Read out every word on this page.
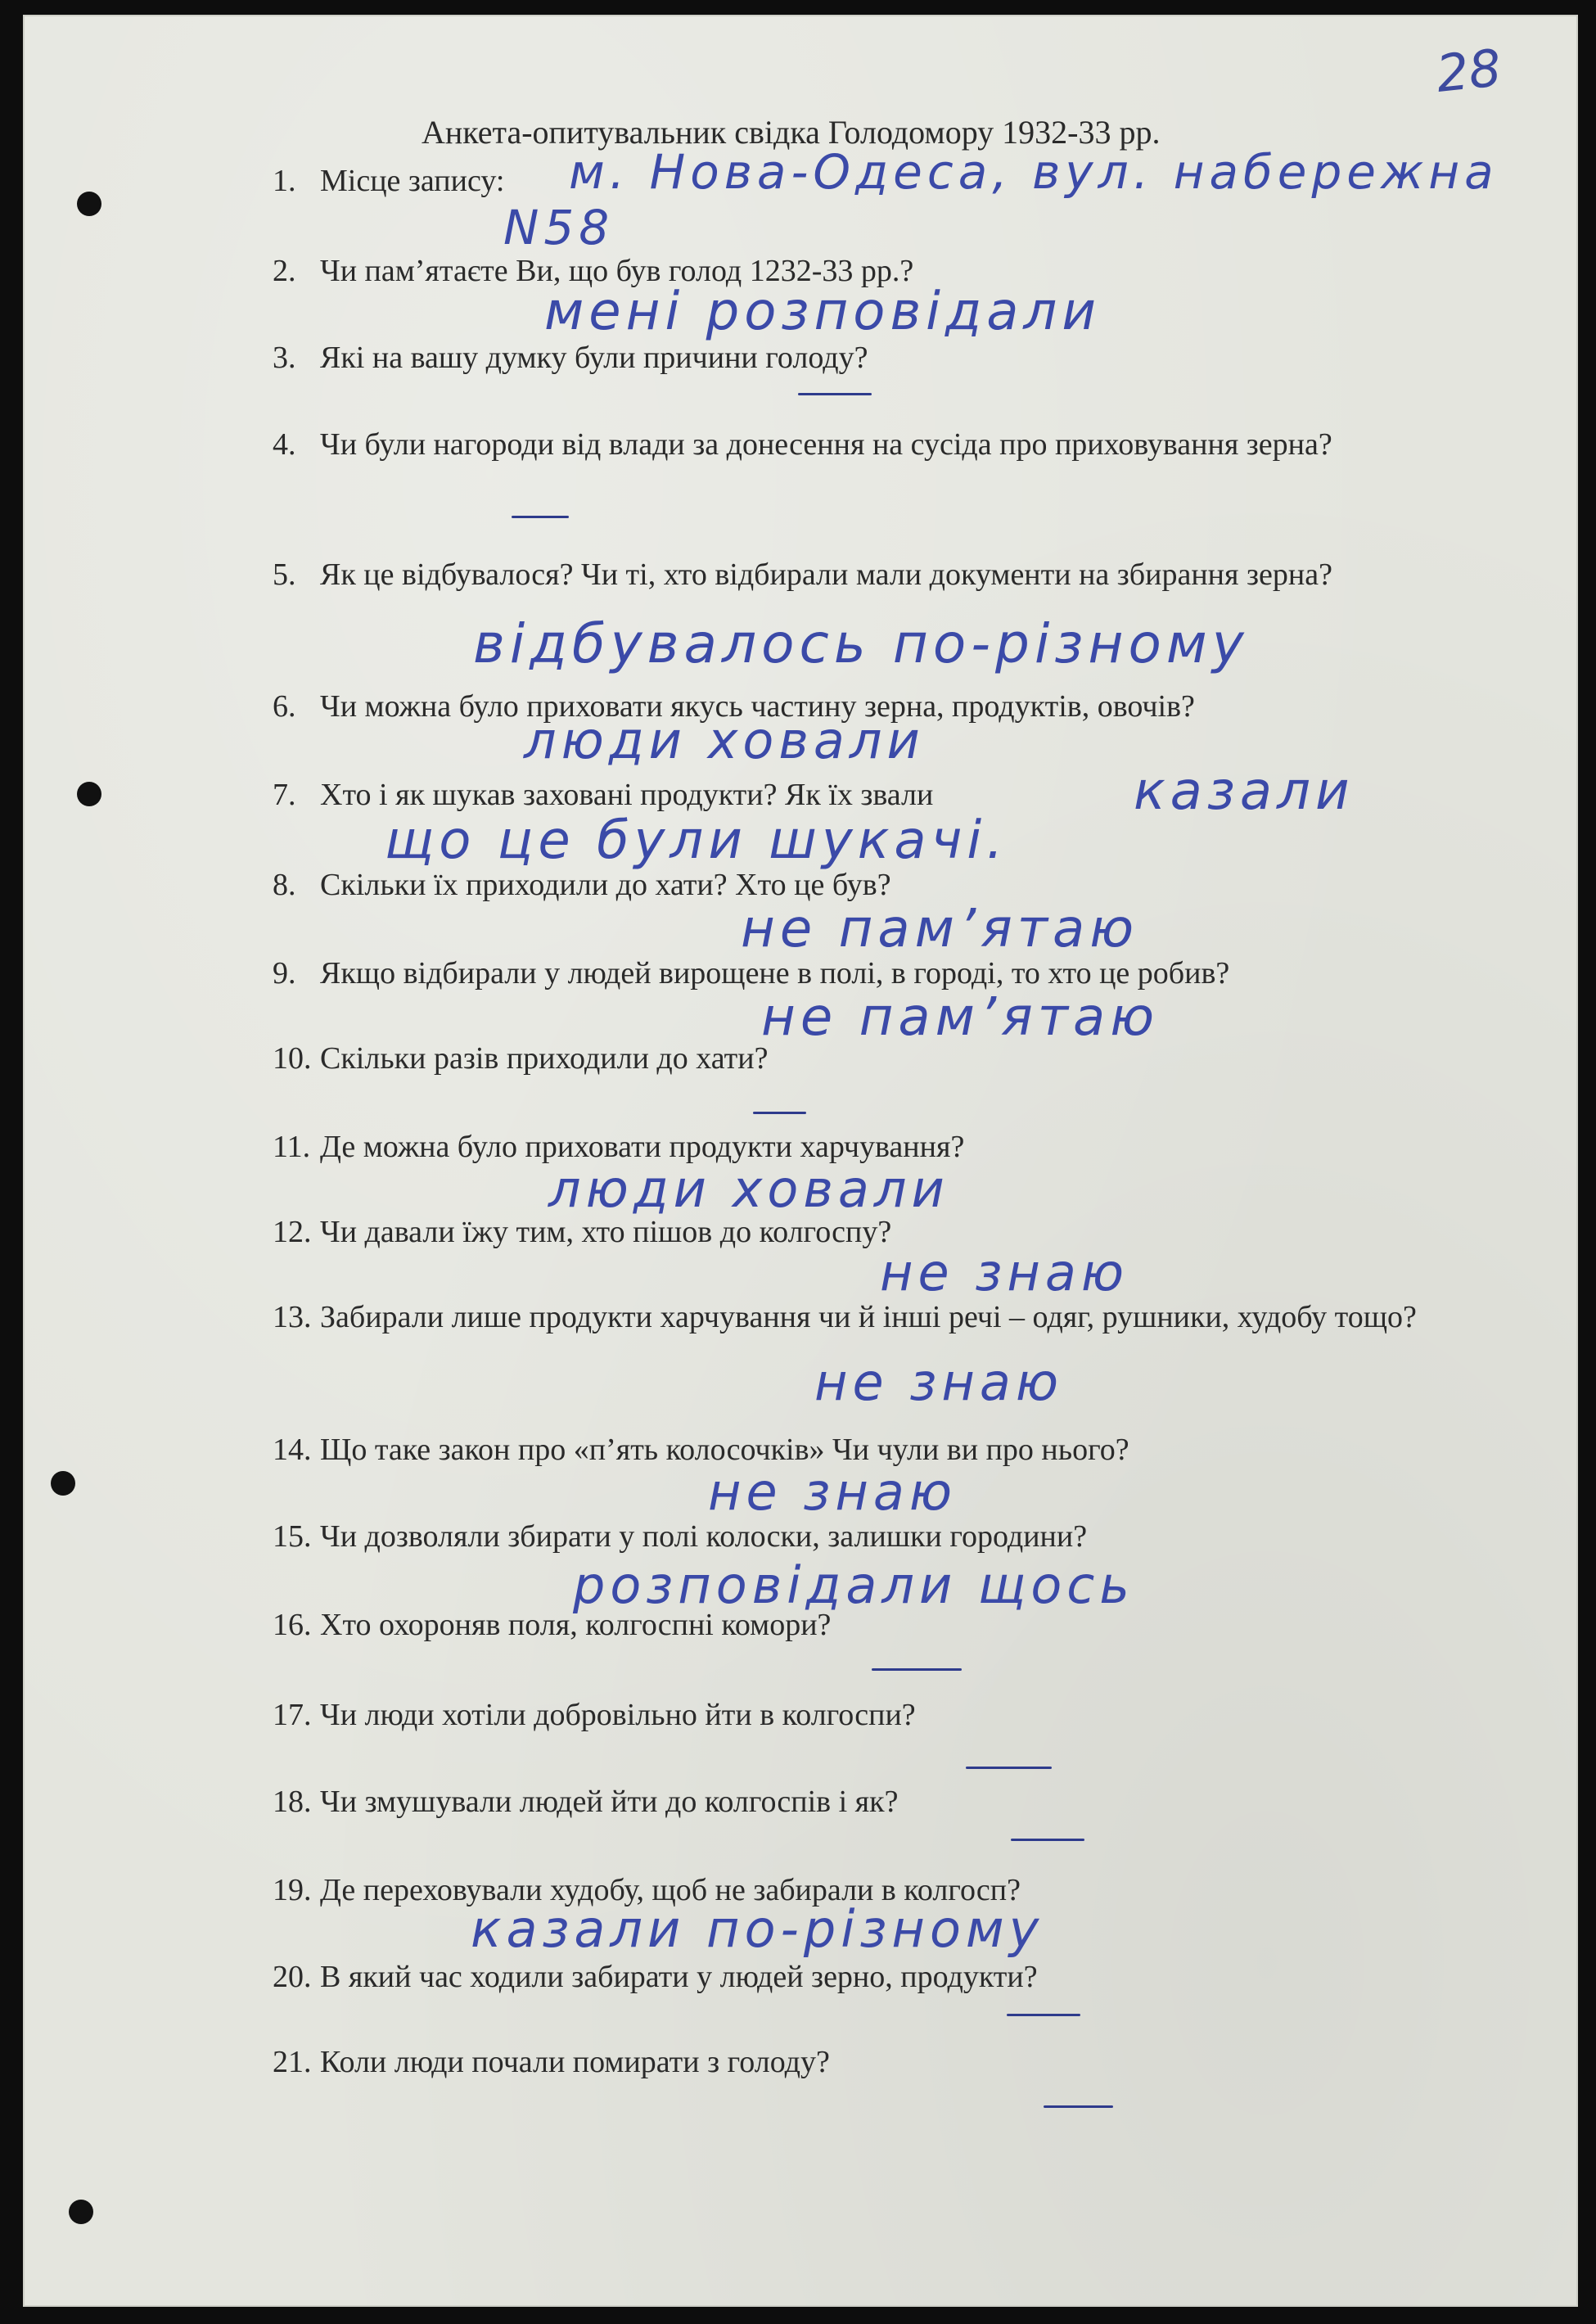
28
Анкета-опитувальник свідка Голодомору 1932-33 рр.
1. Місце запису:
2. Чи пам’ятаєте Ви, що був голод 1232-33 рр.?
3. Які на вашу думку були причини голоду?
4. Чи були нагороди від влади за донесення на сусіда про приховування зерна?
5. Як це відбувалося? Чи ті, хто відбирали мали документи на збирання зерна?
6. Чи можна було приховати якусь частину зерна, продуктів, овочів?
7. Хто і як шукав заховані продукти? Як їх звали
8. Скільки їх приходили до хати? Хто це був?
9. Якщо відбирали у людей вирощене в полі, в городі, то хто це робив?
10. Скільки разів приходили до хати?
11. Де можна було приховати продукти харчування?
12. Чи давали їжу тим, хто пішов до колгоспу?
13. Забирали лише продукти харчування чи й інші речі – одяг, рушники, худобу тощо?
14. Що таке закон про «п’ять колосочків» Чи чули ви про нього?
15. Чи дозволяли збирати у полі колоски, залишки городини?
16. Хто охороняв поля, колгоспні комори?
17. Чи люди хотіли добровільно йти в колгоспи?
18. Чи змушували людей йти до колгоспів і як?
19. Де переховували худобу, щоб не забирали в колгосп?
20. В який час ходили забирати у людей зерно, продукти?
21. Коли люди почали помирати з голоду?
м. Нова-Одеса, вул. набережна
N58
мені розповідали
відбувалось по-різному
люди ховали
казали
що це були шукачі.
не пам’ятаю
не пам’ятаю
люди ховали
не знаю
не знаю
не знаю
розповідали щось
казали по-різному
